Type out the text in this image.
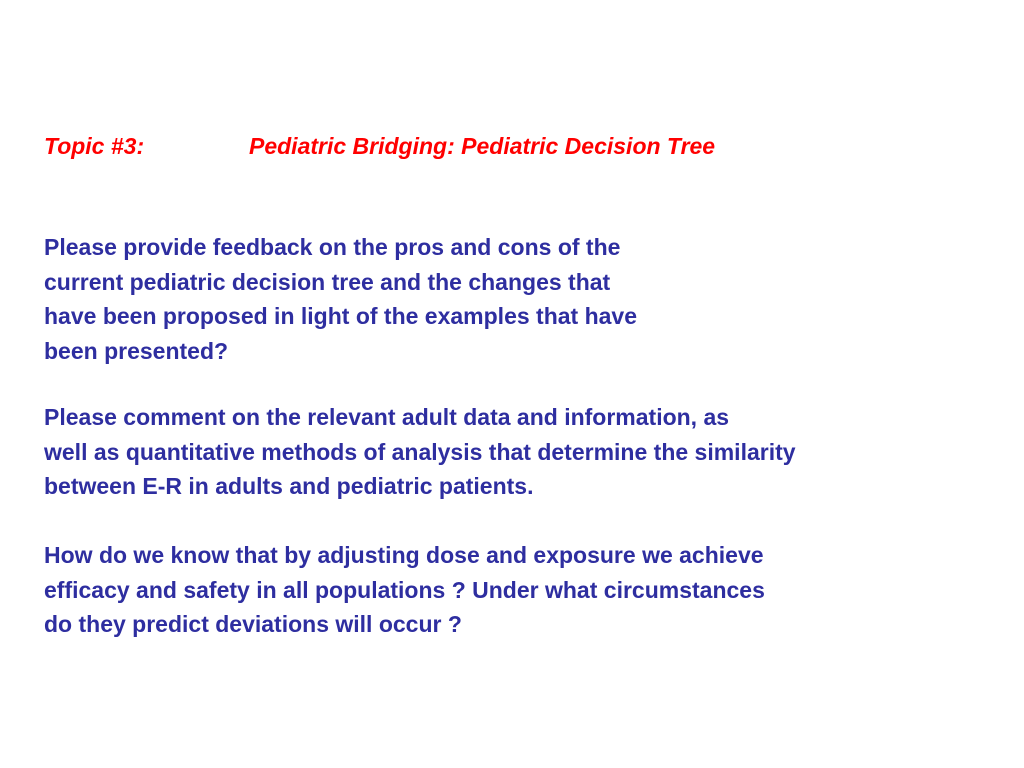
Topic #3:	Pediatric Bridging: Pediatric Decision Tree
Please provide feedback on the pros and cons of the
current pediatric decision tree and the changes that
have been proposed in light of the examples that have
been presented?
Please comment on the relevant adult data and information, as
well as quantitative methods of analysis that determine the similarity
between E-R in adults and pediatric patients.
How do we know that by adjusting dose and exposure we achieve
efficacy and safety in all populations ? Under what circumstances
do they predict deviations will occur ?
